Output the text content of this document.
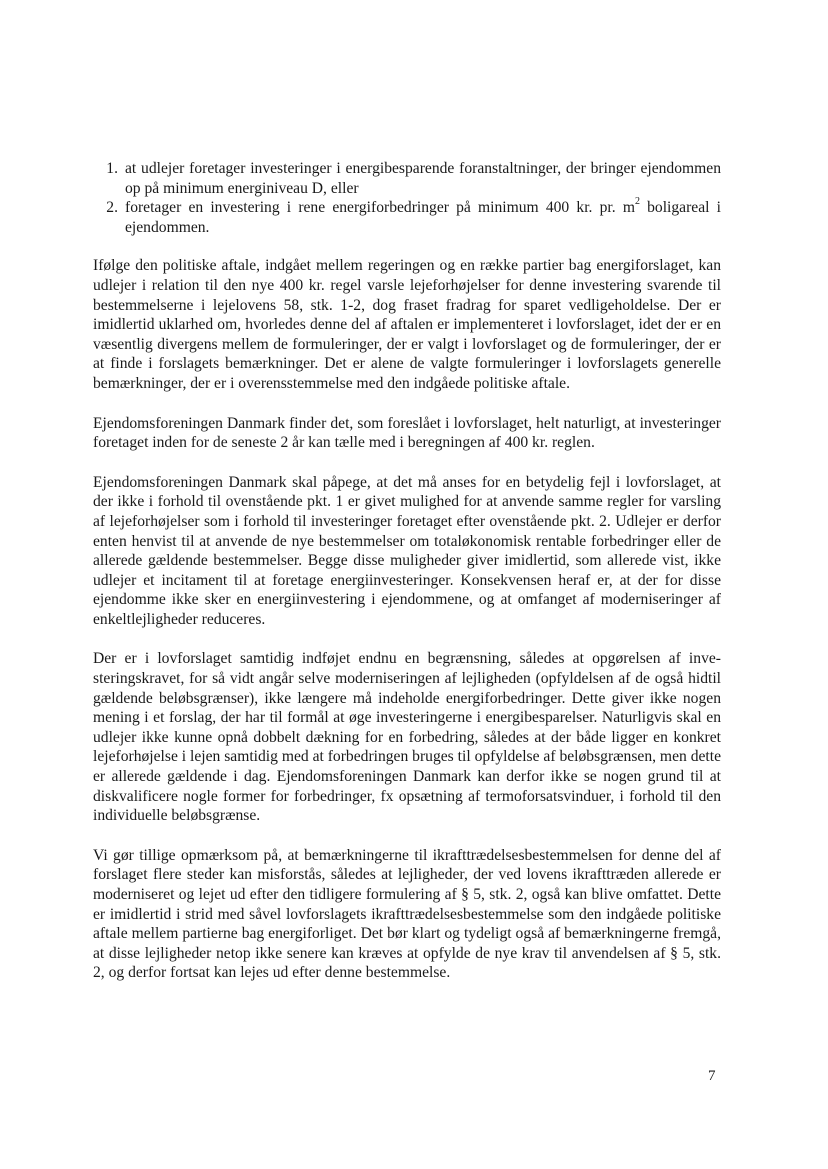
1. at udlejer foretager investeringer i energibesparende foranstaltninger, der bringer ejendommen op på minimum energiniveau D, eller
2. foretager en investering i rene energiforbedringer på minimum 400 kr. pr. $m^2$ boligareal i ejendommen.

Ifølge den politiske aftale, indgået mellem regeringen og en række partier bag energiforslaget, kan udlejer i relation til den nye 400 kr. regel varsle lejeforhøjelser for denne investering svarende til bestemmelserne i lejelovens 58, stk. 1-2, dog fraset fradrag for sparet vedligeholdelse. Der er imidlertid uklarhed om, hvorledes denne del af aftalen er implementeret i lovforslaget, idet der er en væsentlig divergens mellem de formuleringer, der er valgt i lovforslaget og de formuleringer, der er at finde i forslagets bemærkninger. Det er alene de valgte formuleringer i lovforslagets generelle bemærkninger, der er i overensstemmelse med den indgåede politiske aftale.

Ejendomsforeningen Danmark finder det, som foreslået i lovforslaget, helt naturligt, at investeringer foretaget inden for de seneste 2 år kan tælle med i beregningen af 400 kr. reglen.

Ejendomsforeningen Danmark skal påpege, at det må anses for en betydelig fejl i lovforslaget, at der ikke i forhold til ovenstående pkt. 1 er givet mulighed for at anvende samme regler for varsling af lejeforhøjelser som i forhold til investeringer foretaget efter ovenstående pkt. 2. Udlejer er derfor enten henvist til at anvende de nye bestemmelser om totaløkonomisk rentable forbedringer eller de allerede gældende bestemmelser. Begge disse muligheder giver imidlertid, som allerede vist, ikke udlejer et incitament til at foretage energiinvesteringer. Konsekvensen heraf er, at der for disse ejendomme ikke sker en energiinvestering i ejendommene, og at omfanget af moderniseringer af enkeltlejligheder reduceres.

Der er i lovforslaget samtidig indføjet endnu en begrænsning, således at opgørelsen af investeringskravet, for så vidt angår selve moderniseringen af lejligheden (opfyldelsen af de også hidtil gældende beløbsgrænser), ikke længere må indeholde energiforbedringer. Dette giver ikke nogen mening i et forslag, der har til formål at øge investeringerne i energibesparelser. Naturligvis skal en udlejer ikke kunne opnå dobbelt dækning for en forbedring, således at der både ligger en konkret lejeforhøjelse i lejen samtidig med at forbedringen bruges til opfyldelse af beløbsgrænsen, men dette er allerede gældende i dag. Ejendomsforeningen Danmark kan derfor ikke se nogen grund til at diskvalificere nogle former for forbedringer, fx opsætning af termoforsatsvinduer, i forhold til den individuelle beløbsgrænse.

Vi gør tillige opmærksom på, at bemærkningerne til ikrafttrædelsesbestemmelsen for denne del af forslaget flere steder kan misforstås, således at lejligheder, der ved lovens ikrafttræden allerede er moderniseret og lejet ud efter den tidligere formulering af § 5, stk. 2, også kan blive omfattet. Dette er imidlertid i strid med såvel lovforslagets ikrafttrædelsesbestemmelse som den indgåede politiske aftale mellem partierne bag energiforliget. Det bør klart og tydeligt også af bemærkningerne fremgå, at disse lejligheder netop ikke senere kan kræves at opfylde de nye krav til anvendelsen af § 5, stk. 2, og derfor fortsat kan lejes ud efter denne bestemmelse.

7
